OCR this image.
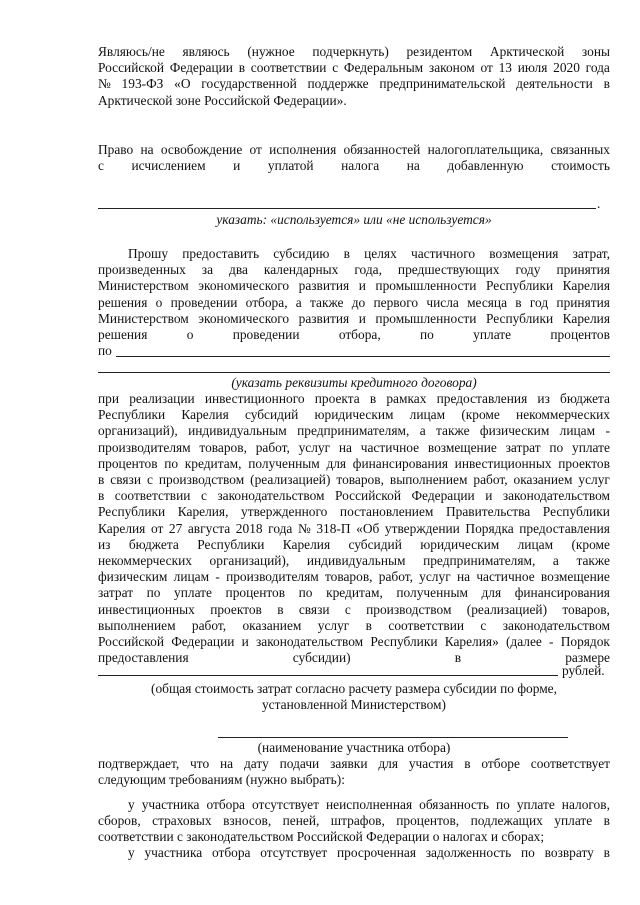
Являюсь/не являюсь (нужное подчеркнуть) резидентом Арктической зоны
Российской Федерации в соответствии с Федеральным законом от 13 июля 2020 года
№ 193-ФЗ «О государственной поддержке предпринимательской деятельности в
Арктической зоне Российской Федерации».
Право на освобождение от исполнения обязанностей налогоплательщика, связанных
с исчислением и уплатой налога на добавленную стоимость
.
указать: «используется» или «не используется»
Прошу предоставить субсидию в целях частичного возмещения затрат,
произведенных за два календарных года, предшествующих году принятия
Министерством экономического развития и промышленности Республики Карелия
решения о проведении отбора, а также до первого числа месяца в год принятия
Министерством экономического развития и промышленности Республики Карелия
решения	о	проведении	отбора,	по	уплате	процентов
по
(указать реквизиты кредитного договора)
при реализации инвестиционного проекта в рамках предоставления из бюджета
Республики Карелия субсидий юридическим лицам (кроме некоммерческих
организаций), индивидуальным предпринимателям, а также физическим лицам -
производителям товаров, работ, услуг на частичное возмещение затрат по уплате
процентов по кредитам, полученным для финансирования инвестиционных проектов
в связи с производством (реализацией) товаров, выполнением работ, оказанием услуг
в соответствии с законодательством Российской Федерации и законодательством
Республики Карелия, утвержденного постановлением Правительства Республики
Карелия от 27 августа 2018 года № 318-П «Об утверждении Порядка предоставления
из бюджета Республики Карелия субсидий юридическим лицам (кроме
некоммерческих организаций), индивидуальным предпринимателям, а также
физическим лицам - производителям товаров, работ, услуг на частичное возмещение
затрат по уплате процентов по кредитам, полученным для финансирования
инвестиционных проектов в связи с производством (реализацией) товаров,
выполнением работ, оказанием услуг в соответствии с законодательством
Российской Федерации и законодательством Республики Карелия» (далее - Порядок
предоставления	субсидии)	в	размере
рублей.
(общая стоимость затрат согласно расчету размера субсидии по форме,
установленной Министерством)
(наименование участника отбора)
подтверждает, что на дату подачи заявки для участия в отборе соответствует
следующим требованиям (нужно выбрать):
у участника отбора отсутствует неисполненная обязанность по уплате налогов,
сборов, страховых взносов, пеней, штрафов, процентов, подлежащих уплате в
соответствии с законодательством Российской Федерации о налогах и сборах;
у участника отбора отсутствует просроченная задолженность по возврату в
